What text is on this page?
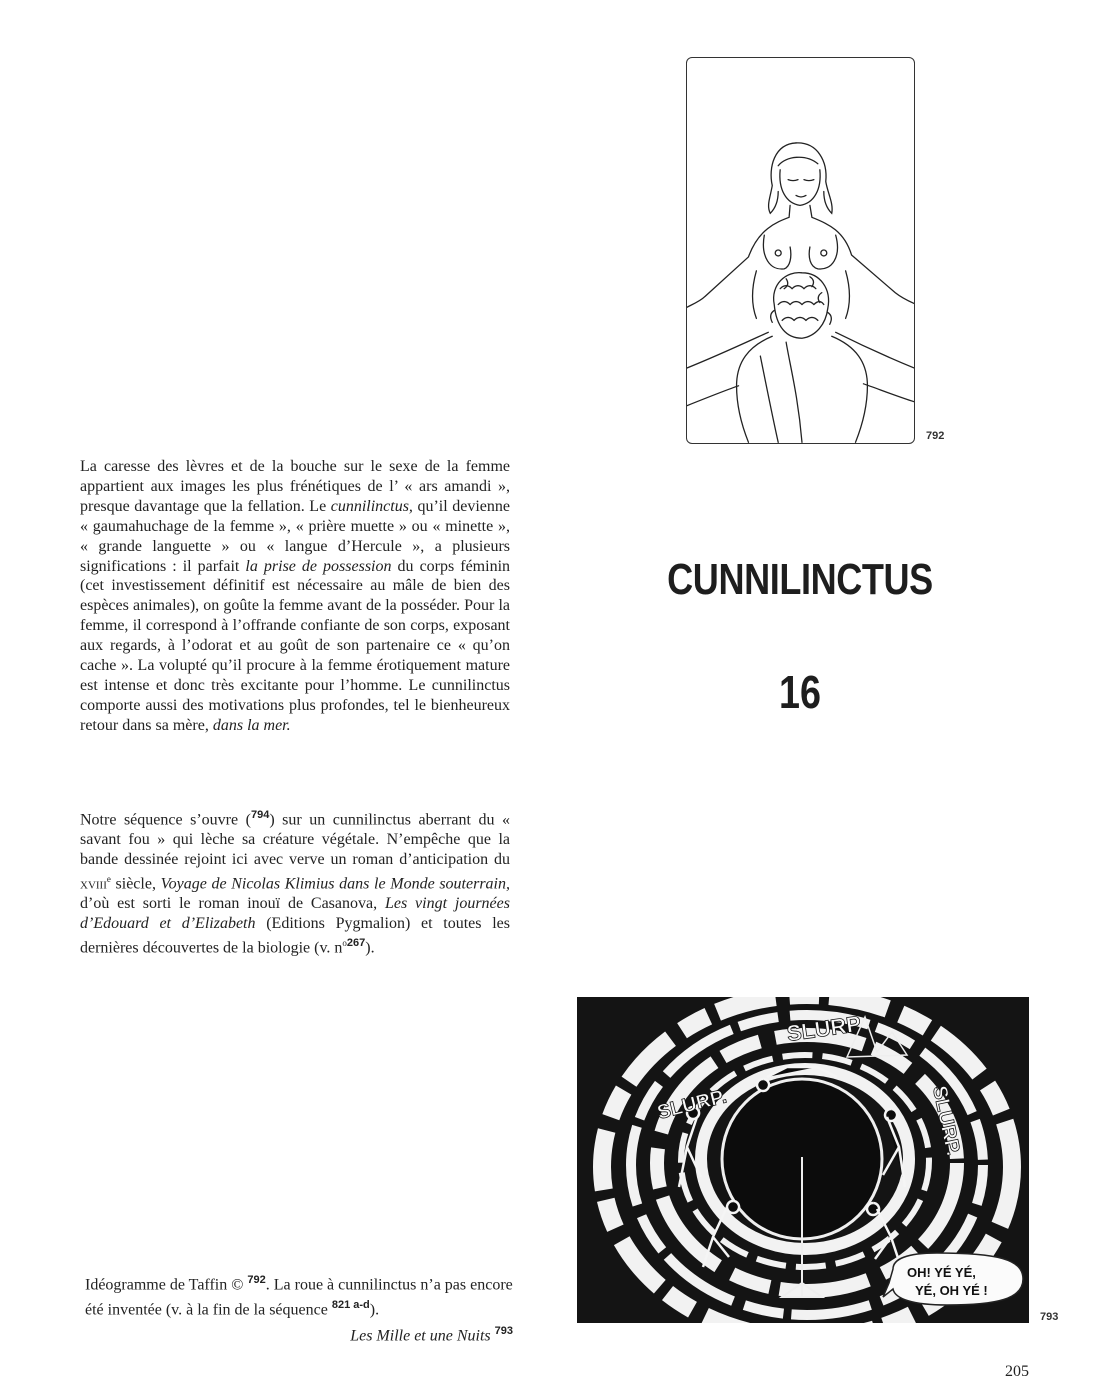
792
CUNNILINCTUS
16
La caresse des lèvres et de la bouche sur le sexe de la femme appartient aux images les plus frénétiques de l’ « ars amandi », presque davantage que la fellation. Le cunnilinctus, qu’il devienne « gaumahuchage de la femme », « prière muette » ou « minette », « grande languette » ou « langue d’Hercule », a plusieurs significations : il parfait la prise de possession du corps féminin (cet investissement définitif est nécessaire au mâle de bien des espèces animales), on goûte la femme avant de la posséder. Pour la femme, il correspond à l’offrande confiante de son corps, exposant aux regards, à l’odorat et au goût de son partenaire ce « qu’on cache ». La volupté qu’il procure à la femme érotiquement mature est intense et donc très excitante pour l’homme. Le cunnilinctus comporte aussi des motivations plus profondes, tel le bienheureux retour dans sa mère, dans la mer.
Notre séquence s’ouvre ($^{794}$) sur un cunnilinctus aberrant du « savant fou » qui lèche sa créature végétale. N’empêche que la bande dessinée rejoint ici avec verve un roman d’anticipation du xviii$^e$ siècle, Voyage de Nicolas Klimius dans le Monde souterrain, d’où est sorti le roman inouï de Casanova, Les vingt journées d’Edouard et d’Elizabeth (Editions Pygmalion) et toutes les dernières découvertes de la biologie (v. n$^{o267}$).
SLURP
SLURP.	SLURP.
OH! YÉ YÉ,
YÉ, OH YÉ !
793
Idéogramme de Taffin © $^{792}$. La roue à cunnilinctus n’a pas encore été inventée (v. à la fin de la séquence $^{821 a-d}$).
Les Mille et une Nuits $^{793}$
205
